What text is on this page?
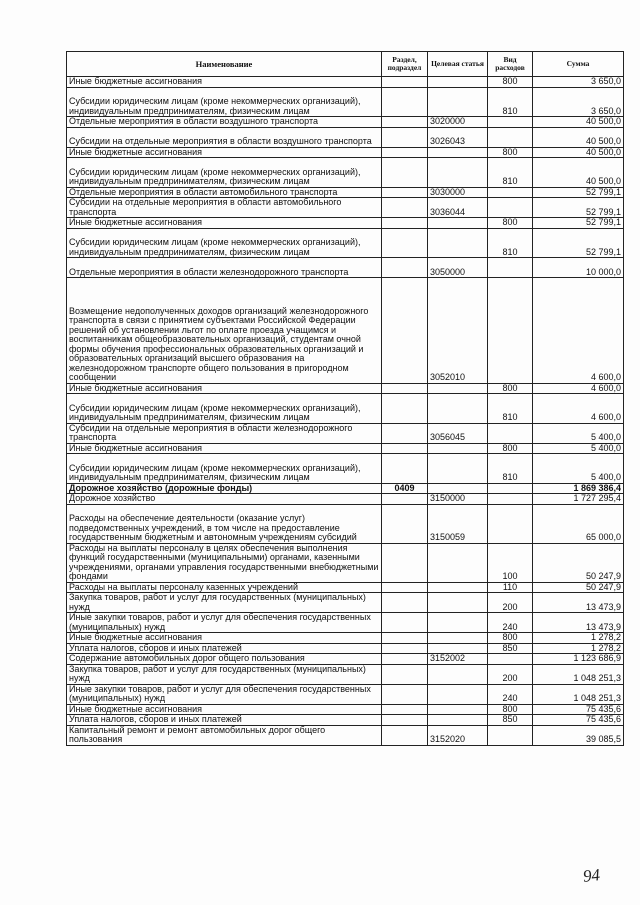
Наименование	Раздел, подраздел	Целевая статья	Вид расходов	Сумма
Иные бюджетные ассигнования			800	3 650,0
Субсидии юридическим лицам (кроме некоммерческих организаций), индивидуальным предпринимателям, физическим лицам			810	3 650,0
Отдельные мероприятия в области воздушного транспорта		3020000		40 500,0
Субсидии на отдельные мероприятия в области воздушного транспорта		3026043		40 500,0
Иные бюджетные ассигнования			800	40 500,0
Субсидии юридическим лицам (кроме некоммерческих организаций), индивидуальным предпринимателям, физическим лицам			810	40 500,0
Отдельные мероприятия в области автомобильного транспорта		3030000		52 799,1
Субсидии на отдельные мероприятия в области автомобильного транспорта		3036044		52 799,1
Иные бюджетные ассигнования			800	52 799,1
Субсидии юридическим лицам (кроме некоммерческих организаций), индивидуальным предпринимателям, физическим лицам			810	52 799,1
Отдельные мероприятия в области железнодорожного транспорта		3050000		10 000,0
Возмещение недополученных доходов организаций железнодорожного транспорта в связи с принятием субъектами Российской Федерации решений об установлении льгот по оплате проезда учащимся и воспитанникам общеобразовательных организаций, студентам очной формы обучения профессиональных образовательных организаций и образовательных организаций высшего образования на железнодорожном транспорте общего пользования в пригородном сообщении		3052010		4 600,0
Иные бюджетные ассигнования			800	4 600,0
Субсидии юридическим лицам (кроме некоммерческих организаций), индивидуальным предпринимателям, физическим лицам			810	4 600,0
Субсидии на отдельные мероприятия в области железнодорожного транспорта		3056045		5 400,0
Иные бюджетные ассигнования			800	5 400,0
Субсидии юридическим лицам (кроме некоммерческих организаций), индивидуальным предпринимателям, физическим лицам			810	5 400,0
Дорожное хозяйство (дорожные фонды)	0409			1 869 386,4
Дорожное хозяйство		3150000		1 727 295,4
Расходы на обеспечение деятельности (оказание услуг) подведомственных учреждений, в том числе на предоставление государственным бюджетным и автономным учреждениям субсидий		3150059		65 000,0
Расходы на выплаты персоналу в целях обеспечения выполнения функций государственными (муниципальными) органами, казенными учреждениями, органами управления государственными внебюджетными фондами			100	50 247,9
Расходы на выплаты персоналу казенных учреждений			110	50 247,9
Закупка товаров, работ и услуг для государственных (муниципальных) нужд			200	13 473,9
Иные закупки товаров, работ и услуг для обеспечения государственных (муниципальных) нужд			240	13 473,9
Иные бюджетные ассигнования			800	1 278,2
Уплата налогов, сборов и иных платежей			850	1 278,2
Содержание автомобильных дорог общего пользования		3152002		1 123 686,9
Закупка товаров, работ и услуг для государственных (муниципальных) нужд			200	1 048 251,3
Иные закупки товаров, работ и услуг для обеспечения государственных (муниципальных) нужд			240	1 048 251,3
Иные бюджетные ассигнования			800	75 435,6
Уплата налогов, сборов и иных платежей			850	75 435,6
Капитальный ремонт и ремонт автомобильных дорог общего пользования		3152020		39 085,5
94
